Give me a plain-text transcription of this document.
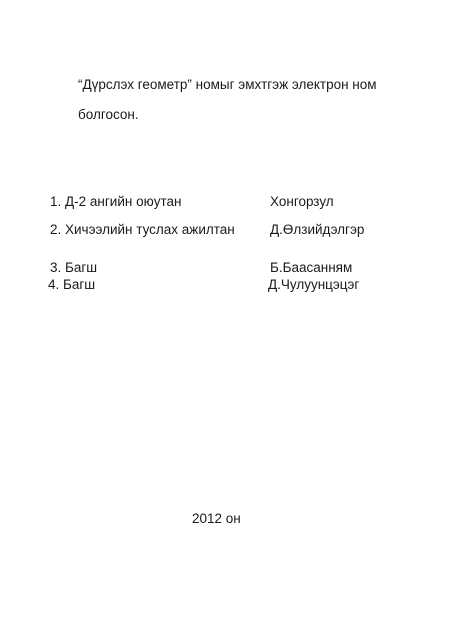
“Дүрслэх геометр” номыг эмхтгэж электрон ном
болгосон.
1. Д-2 ангийн оюутан	Хонгорзул
2. Хичээлийн туслах ажилтан	Д.Өлзийдэлгэр
3. Багш	Б.Баасанням
4. Багш	Д.Чулуунцэцэг
2012 он
